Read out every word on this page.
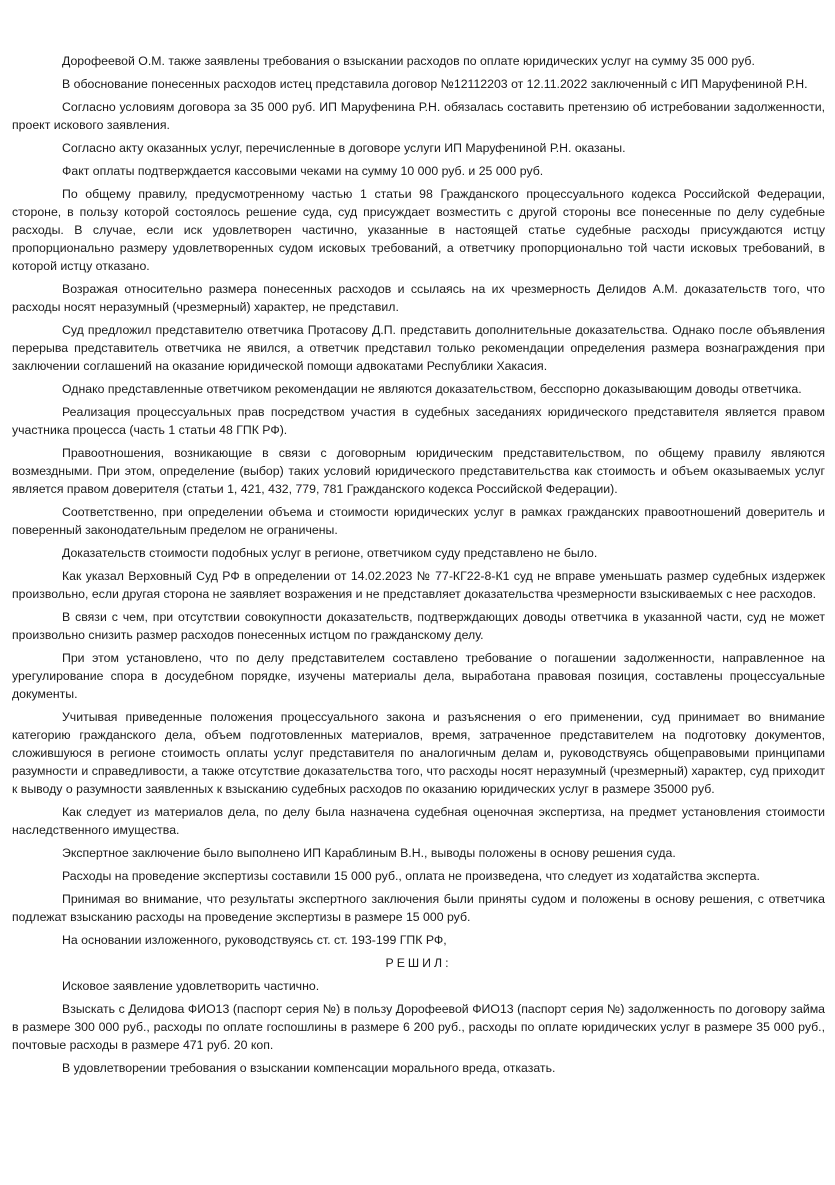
Дорофеевой О.М. также заявлены требования о взыскании расходов по оплате юридических услуг на сумму 35 000 руб.

В обоснование понесенных расходов истец представила договор №12112203 от 12.11.2022 заключенный с ИП Маруфениной Р.Н.

Согласно условиям договора за 35 000 руб. ИП Маруфенина Р.Н. обязалась составить претензию об истребовании задолженности, проект искового заявления.

Согласно акту оказанных услуг, перечисленные в договоре услуги ИП Маруфениной Р.Н. оказаны.

Факт оплаты подтверждается кассовыми чеками на сумму 10 000 руб. и 25 000 руб.

По общему правилу, предусмотренному частью 1 статьи 98 Гражданского процессуального кодекса Российской Федерации, стороне, в пользу которой состоялось решение суда, суд присуждает возместить с другой стороны все понесенные по делу судебные расходы. В случае, если иск удовлетворен частично, указанные в настоящей статье судебные расходы присуждаются истцу пропорционально размеру удовлетворенных судом исковых требований, а ответчику пропорционально той части исковых требований, в которой истцу отказано.

Возражая относительно размера понесенных расходов и ссылаясь на их чрезмерность Делидов А.М. доказательств того, что расходы носят неразумный (чрезмерный) характер, не представил.

Суд предложил представителю ответчика Протасову Д.П. представить дополнительные доказательства. Однако после объявления перерыва представитель ответчика не явился, а ответчик представил только рекомендации определения размера вознаграждения при заключении соглашений на оказание юридической помощи адвокатами Республики Хакасия.

Однако представленные ответчиком рекомендации не являются доказательством, бесспорно доказывающим доводы ответчика.

Реализация процессуальных прав посредством участия в судебных заседаниях юридического представителя является правом участника процесса (часть 1 статьи 48 ГПК РФ).

Правоотношения, возникающие в связи с договорным юридическим представительством, по общему правилу являются возмездными. При этом, определение (выбор) таких условий юридического представительства как стоимость и объем оказываемых услуг является правом доверителя (статьи 1, 421, 432, 779, 781 Гражданского кодекса Российской Федерации).

Соответственно, при определении объема и стоимости юридических услуг в рамках гражданских правоотношений доверитель и поверенный законодательным пределом не ограничены.

Доказательств стоимости подобных услуг в регионе, ответчиком суду представлено не было.

Как указал Верховный Суд РФ в определении от 14.02.2023 № 77-КГ22-8-К1 суд не вправе уменьшать размер судебных издержек произвольно, если другая сторона не заявляет возражения и не представляет доказательства чрезмерности взыскиваемых с нее расходов.

В связи с чем, при отсутствии совокупности доказательств, подтверждающих доводы ответчика в указанной части, суд не может произвольно снизить размер расходов понесенных истцом по гражданскому делу.

При этом установлено, что по делу представителем составлено требование о погашении задолженности, направленное на урегулирование спора в досудебном порядке, изучены материалы дела, выработана правовая позиция, составлены процессуальные документы.

Учитывая приведенные положения процессуального закона и разъяснения о его применении, суд принимает во внимание категорию гражданского дела, объем подготовленных материалов, время, затраченное представителем на подготовку документов, сложившуюся в регионе стоимость оплаты услуг представителя по аналогичным делам и, руководствуясь общеправовыми принципами разумности и справедливости, а также отсутствие доказательства того, что расходы носят неразумный (чрезмерный) характер, суд приходит к выводу о разумности заявленных к взысканию судебных расходов по оказанию юридических услуг в размере 35000 руб.

Как следует из материалов дела, по делу была назначена судебная оценочная экспертиза, на предмет установления стоимости наследственного имущества.

Экспертное заключение было выполнено ИП Караблиным В.Н., выводы положены в основу решения суда.

Расходы на проведение экспертизы составили 15 000 руб., оплата не произведена, что следует из ходатайства эксперта.

Принимая во внимание, что результаты экспертного заключения были приняты судом и положены в основу решения, с ответчика подлежат взысканию расходы на проведение экспертизы в размере 15 000 руб.

На основании изложенного, руководствуясь ст. ст. 193-199 ГПК РФ,

РЕШИЛ:

Исковое заявление удовлетворить частично.

Взыскать с Делидова ФИО13 (паспорт серия №) в пользу Дорофеевой ФИО13 (паспорт серия №) задолженность по договору займа в размере 300 000 руб., расходы по оплате госпошлины в размере 6 200 руб., расходы по оплате юридических услуг в размере 35 000 руб., почтовые расходы в размере 471 руб. 20 коп.

В удовлетворении требования о взыскании компенсации морального вреда, отказать.
